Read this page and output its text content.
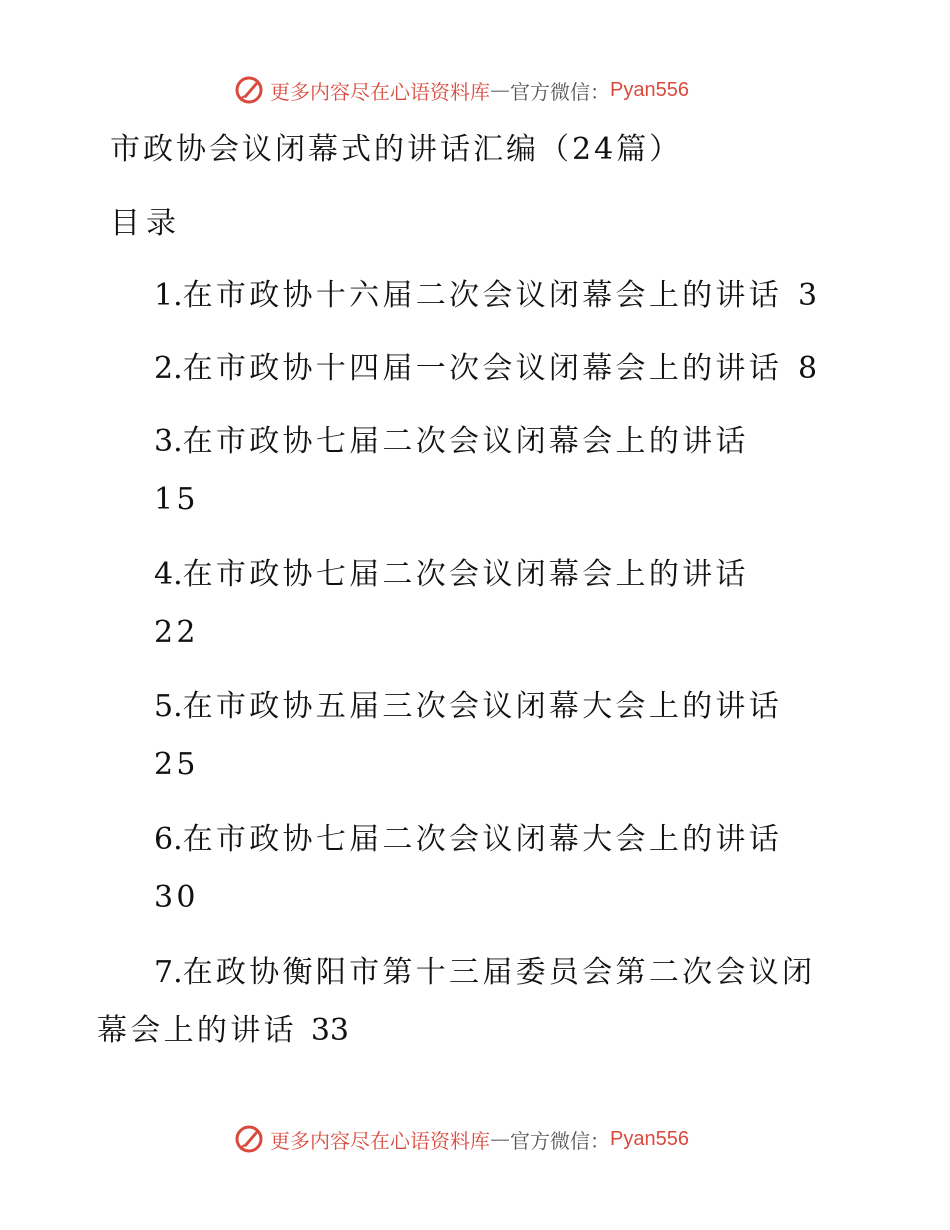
更多内容尽在心语资料库 — 官方微信： Pyan556
市政协会议闭幕式的讲话汇编（24篇）
目录
1.在市政协十六届二次会议闭幕会上的讲话 3
2.在市政协十四届一次会议闭幕会上的讲话 8
3.在市政协七届二次会议闭幕会上的讲话
15
4.在市政协七届二次会议闭幕会上的讲话
22
5.在市政协五届三次会议闭幕大会上的讲话
25
6.在市政协七届二次会议闭幕大会上的讲话
30
7.在政协衡阳市第十三届委员会第二次会议闭
幕会上的讲话 33
更多内容尽在心语资料库 — 官方微信： Pyan556
